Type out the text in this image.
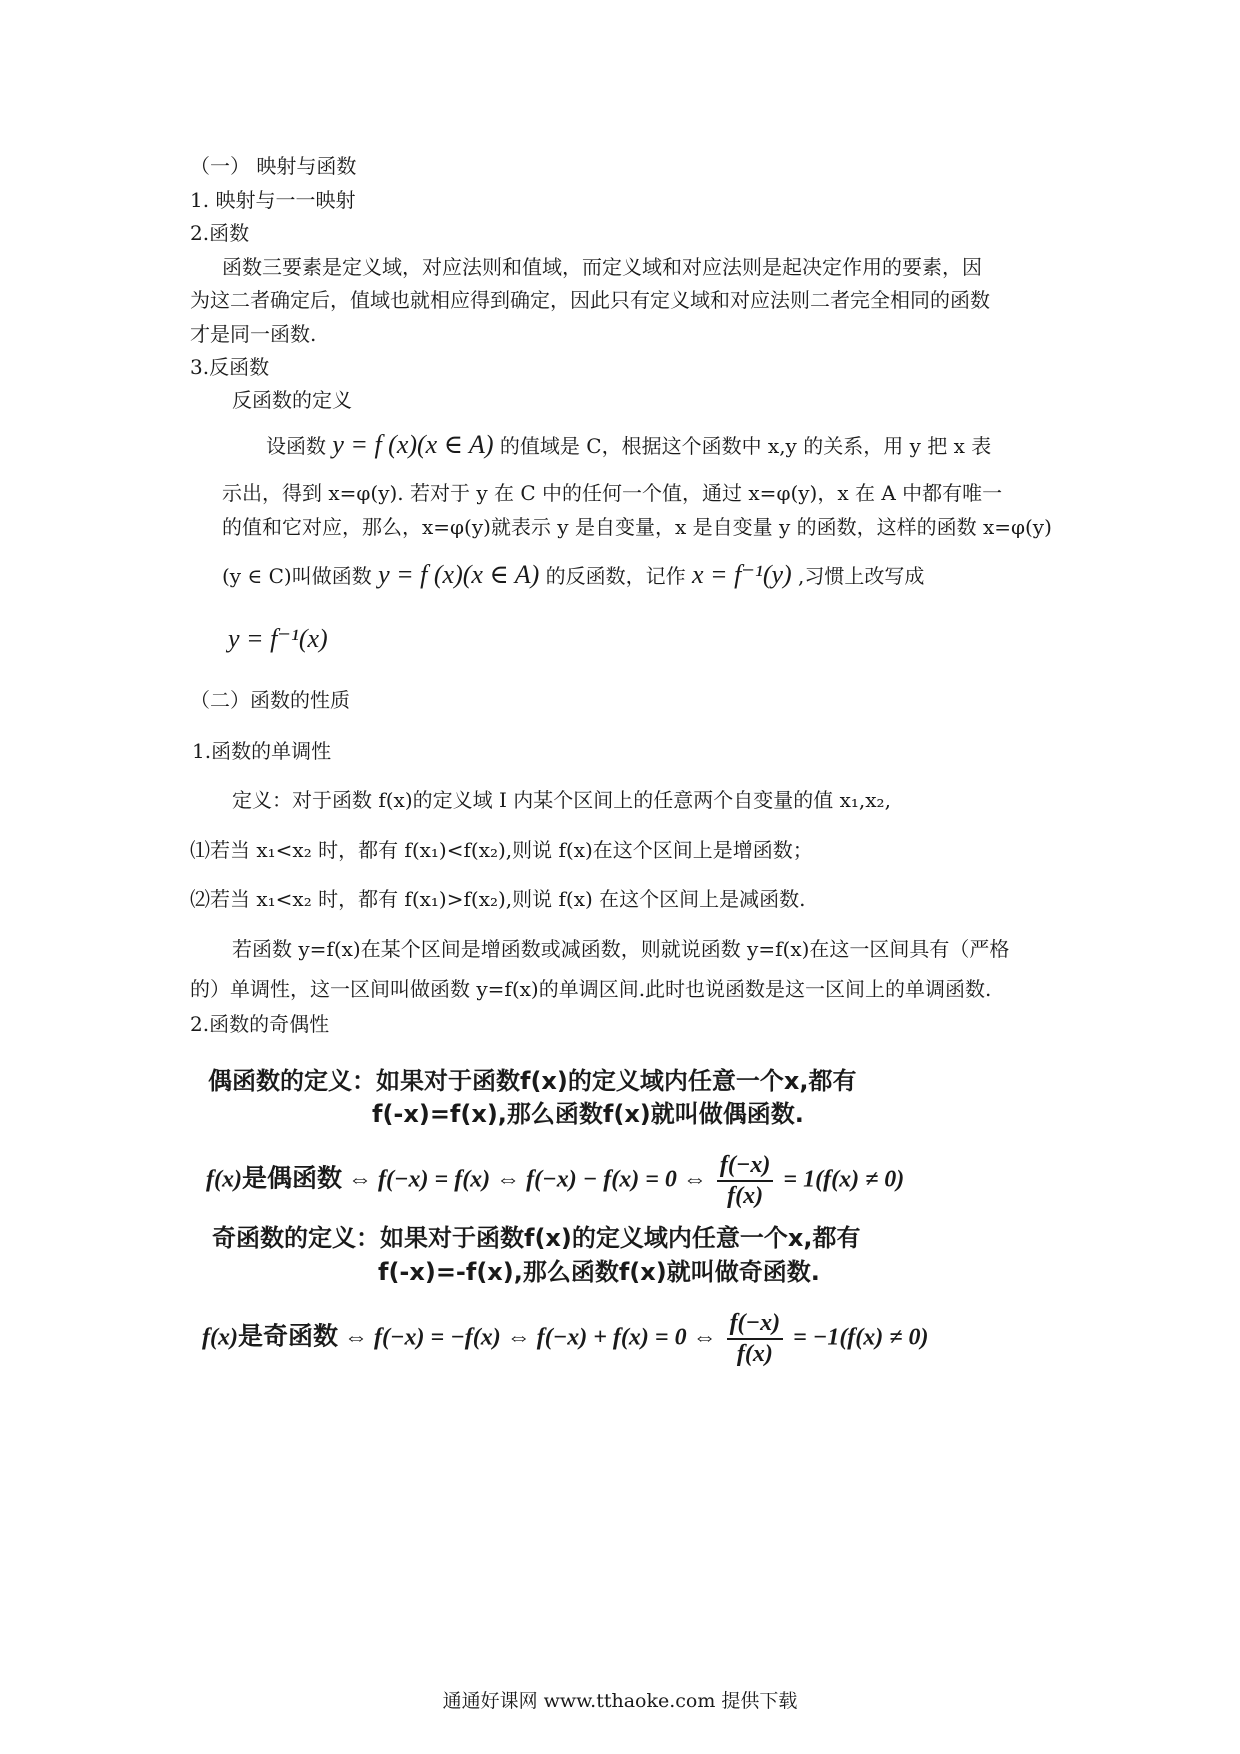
（一） 映射与函数
1. 映射与一一映射
2.函数
函数三要素是定义域，对应法则和值域，而定义域和对应法则是起决定作用的要素，因
为这二者确定后，值域也就相应得到确定，因此只有定义域和对应法则二者完全相同的函数
才是同一函数.
3.反函数
反函数的定义
设函数 y = f (x)(x ∈ A) 的值域是 C，根据这个函数中 x,y 的关系，用 y 把 x 表
示出，得到 x=φ(y). 若对于 y 在 C 中的任何一个值，通过 x=φ(y)，x 在 A 中都有唯一
的值和它对应，那么，x=φ(y)就表示 y 是自变量，x 是自变量 y 的函数，这样的函数 x=φ(y)
(y ∈ C)叫做函数 y = f (x)(x ∈ A) 的反函数，记作 x = f⁻¹(y) ,习惯上改写成
y = f⁻¹(x)
（二）函数的性质
1.函数的单调性
定义：对于函数 f(x)的定义域 I 内某个区间上的任意两个自变量的值 x₁,x₂,
⑴若当 x₁<x₂ 时，都有 f(x₁)<f(x₂),则说 f(x)在这个区间上是增函数；
⑵若当 x₁<x₂ 时，都有 f(x₁)>f(x₂),则说 f(x) 在这个区间上是减函数.
若函数 y=f(x)在某个区间是增函数或减函数，则就说函数 y=f(x)在这一区间具有（严格
的）单调性，这一区间叫做函数 y=f(x)的单调区间.此时也说函数是这一区间上的单调函数.
2.函数的奇偶性
偶函数的定义：如果对于函数f(x)的定义域内任意一个x,都有
f(-x)=f(x),那么函数f(x)就叫做偶函数.
f(x)是偶函数 ⇔ f(−x) = f(x) ⇔ f(−x) − f(x) = 0 ⇔ $\frac{f(-x)}{f(x)} = 1(f(x) \ne 0)$
奇函数的定义：如果对于函数f(x)的定义域内任意一个x,都有
f(-x)=-f(x),那么函数f(x)就叫做奇函数.
f(x)是奇函数 ⇔ f(−x) = −f(x) ⇔ f(−x) + f(x) = 0 ⇔ $\frac{f(-x)}{f(x)} = -1(f(x) \ne 0)$
通通好课网 www.tthaoke.com 提供下载
